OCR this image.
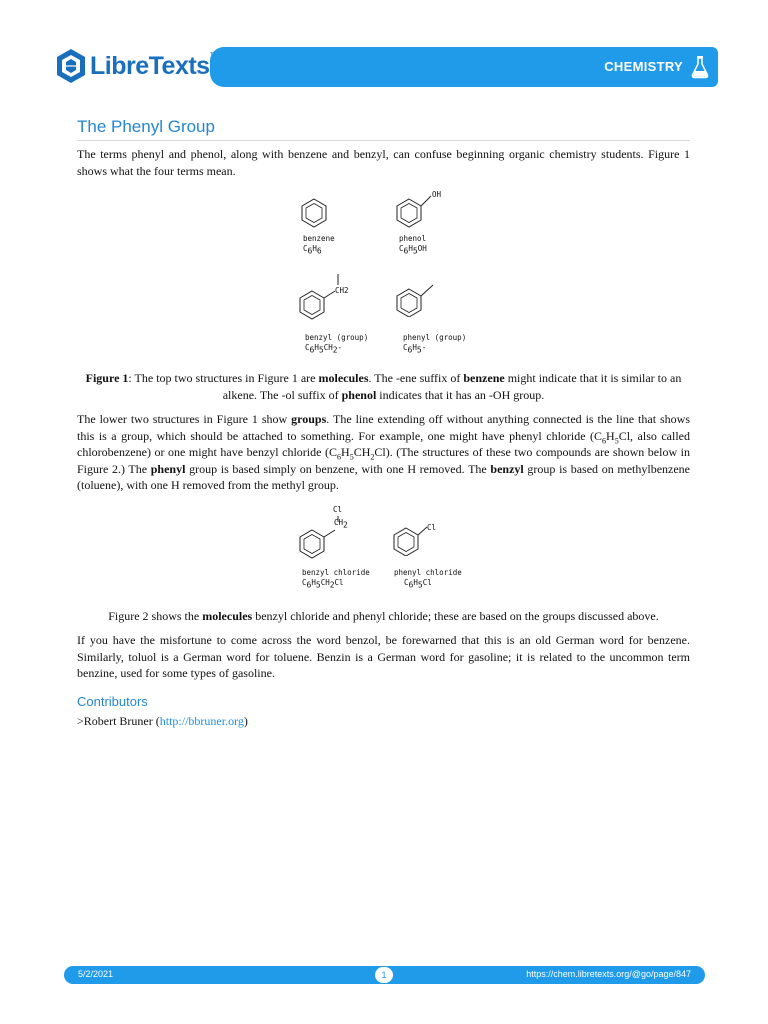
LibreTexts	CHEMISTRY
The Phenyl Group

The terms phenyl and phenol, along with benzene and benzyl, can confuse beginning organic chemistry students. Figure 1 shows what the four terms mean.

benzene
$C_6H_6$
OH
phenol
$C_6H_5OH$
CH2
benzyl (group)
$C_6H_5CH_2-$
phenyl (group)
$C_6H_5-$

Figure 1: The top two structures in Figure 1 are molecules. The -ene suffix of benzene might indicate that it is similar to an alkene. The -ol suffix of phenol indicates that it has an -OH group.

The lower two structures in Figure 1 show groups. The line extending off without anything connected is the line that shows this is a group, which should be attached to something. For example, one might have phenyl chloride ($C_6H_5Cl$, also called chlorobenzene) or one might have benzyl chloride $(C_6H_5CH_2Cl)$. (The structures of these two compounds are shown below in Figure 2.) The phenyl group is based simply on benzene, with one H removed. The benzyl group is based on methylbenzene (toluene), with one H removed from the methyl group.

Cl
$CH_2$
benzyl chloride
$C_6H_5CH_2Cl$
Cl
phenyl chloride
$C_6H_5Cl$

Figure 2 shows the molecules benzyl chloride and phenyl chloride; these are based on the groups discussed above.

If you have the misfortune to come across the word benzol, be forewarned that this is an old German word for benzene. Similarly, toluol is a German word for toluene. Benzin is a German word for gasoline; it is related to the uncommon term benzine, used for some types of gasoline.

Contributors

>Robert Bruner (http://bbruner.org)

5/2/2021	1	https://chem.libretexts.org/@go/page/847
